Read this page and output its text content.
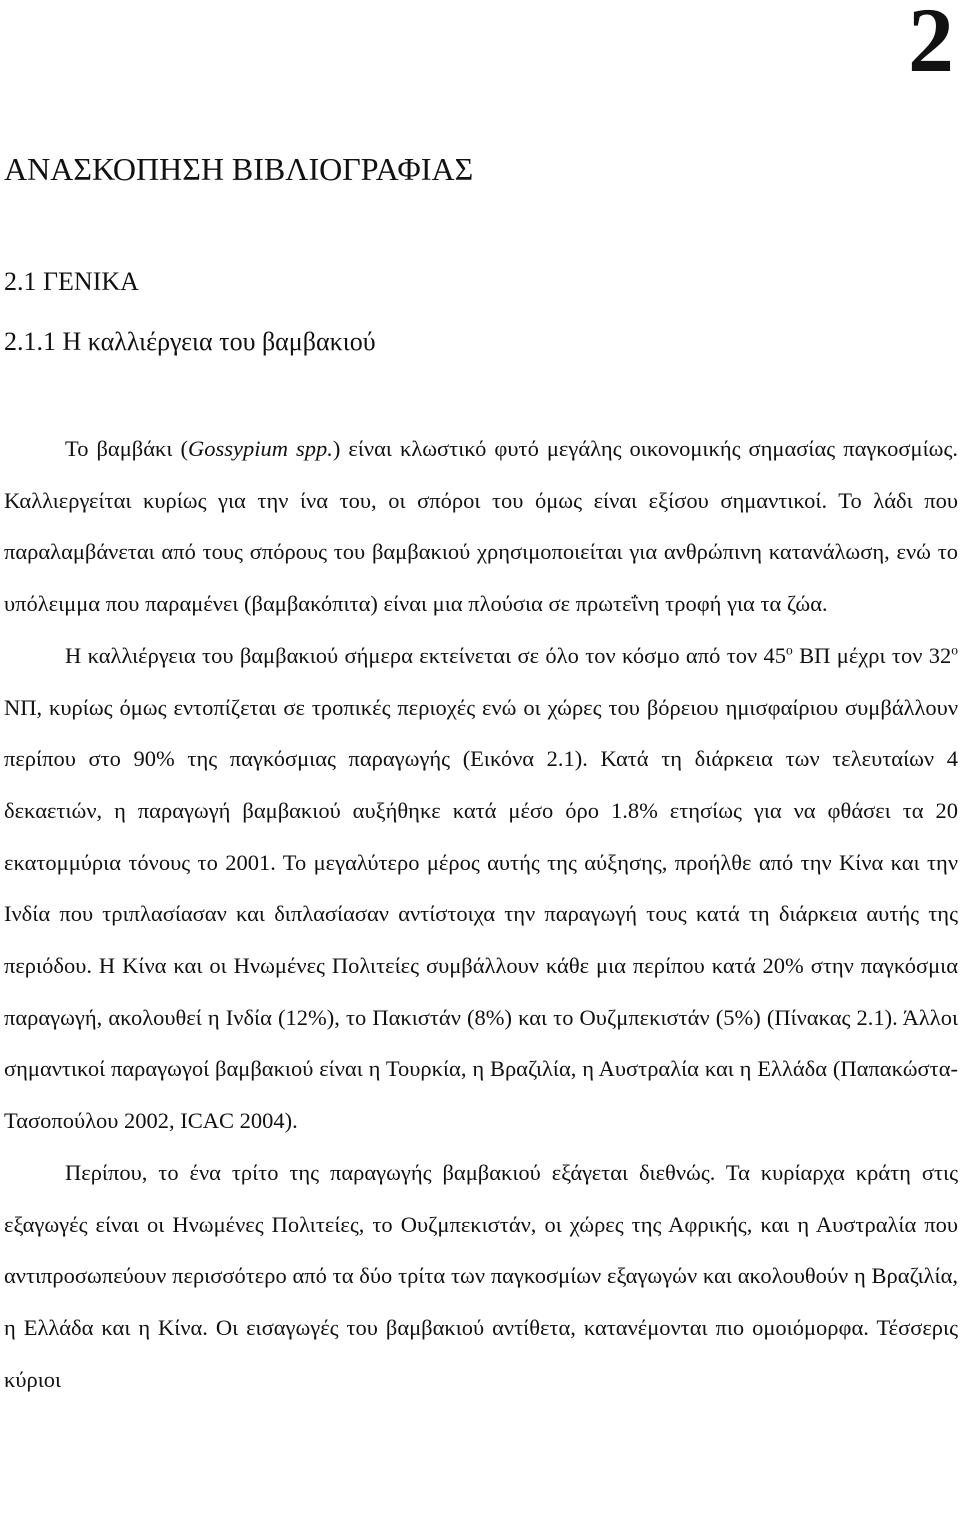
2
ΑΝΑΣΚΟΠΗΣΗ ΒΙΒΛΙΟΓΡΑΦΙΑΣ
2.1 ΓΕΝΙΚΑ
2.1.1 Η καλλιέργεια του βαμβακιού

Το βαμβάκι (Gossypium spp.) είναι κλωστικό φυτό μεγάλης οικονομικής σημασίας παγκοσμίως. Καλλιεργείται κυρίως για την ίνα του, οι σπόροι του όμως είναι εξίσου σημαντικοί. Το λάδι που παραλαμβάνεται από τους σπόρους του βαμβακιού χρησιμοποιείται για ανθρώπινη κατανάλωση, ενώ το υπόλειμμα που παραμένει (βαμβακόπιτα) είναι μια πλούσια σε πρωτεΐνη τροφή για τα ζώα.

Η καλλιέργεια του βαμβακιού σήμερα εκτείνεται σε όλο τον κόσμο από τον $45^o$ ΒΠ μέχρι τον $32^o$ ΝΠ, κυρίως όμως εντοπίζεται σε τροπικές περιοχές ενώ οι χώρες του βόρειου ημισφαίριου συμβάλλουν περίπου στο 90% της παγκόσμιας παραγωγής (Εικόνα 2.1). Κατά τη διάρκεια των τελευταίων 4 δεκαετιών, η παραγωγή βαμβακιού αυξήθηκε κατά μέσο όρο 1.8% ετησίως για να φθάσει τα 20 εκατομμύρια τόνους το 2001. Το μεγαλύτερο μέρος αυτής της αύξησης, προήλθε από την Κίνα και την Ινδία που τριπλασίασαν και διπλασίασαν αντίστοιχα την παραγωγή τους κατά τη διάρκεια αυτής της περιόδου. Η Κίνα και οι Ηνωμένες Πολιτείες συμβάλλουν κάθε μια περίπου κατά 20% στην παγκόσμια παραγωγή, ακολουθεί η Ινδία (12%), το Πακιστάν (8%) και το Ουζμπεκιστάν (5%) (Πίνακας 2.1). Άλλοι σημαντικοί παραγωγοί βαμβακιού είναι η Τουρκία, η Βραζιλία, η Αυστραλία και η Ελλάδα (Παπακώστα-Τασοπούλου 2002, ICAC 2004).

Περίπου, το ένα τρίτο της παραγωγής βαμβακιού εξάγεται διεθνώς. Τα κυρίαρχα κράτη στις εξαγωγές είναι οι Ηνωμένες Πολιτείες, το Ουζμπεκιστάν, οι χώρες της Αφρικής, και η Αυστραλία που αντιπροσωπεύουν περισσότερο από τα δύο τρίτα των παγκοσμίων εξαγωγών και ακολουθούν η Βραζιλία, η Ελλάδα και η Κίνα. Οι εισαγωγές του βαμβακιού αντίθετα, κατανέμονται πιο ομοιόμορφα. Τέσσερις κύριοι
